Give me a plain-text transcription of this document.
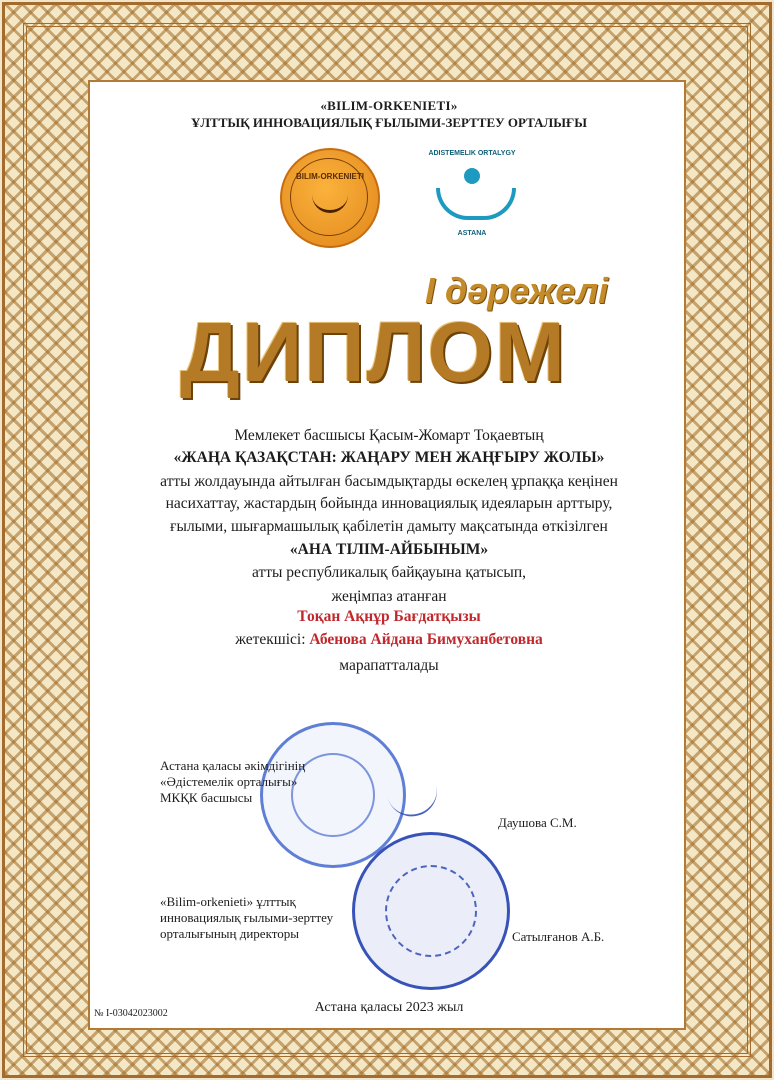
«BILIM-ORKENIETI»
ҰЛТТЫҚ ИННОВАЦИЯЛЫҚ ҒЫЛЫМИ-ЗЕРТТЕУ ОРТАЛЫҒЫ
BILIM-ORKENIETI
ADISTEMELIK ORTALYGY
ASTANA
I дәрежелі
ДИПЛОМ
Мемлекет басшысы Қасым-Жомарт Тоқаевтың
«ЖАҢА ҚАЗАҚСТАН: ЖАҢАРУ МЕН ЖАҢҒЫРУ ЖОЛЫ»
атты жолдауында айтылған басымдықтарды өскелең ұрпаққа кеңінен
насихаттау, жастардың бойында инновациялық идеяларын арттыру,
ғылыми, шығармашылық қабілетін дамыту мақсатында өткізілген
«АНА ТІЛІМ-АЙБЫНЫМ»
атты республикалық байқауына қатысып,
жеңімпаз атанған
Тоқан Ақнұр Бағдатқызы
жетекшісі: Абенова Айдана Бимуханбетовна
марапатталады
Астана қаласы әкімдігінің
«Әдістемелік орталығы»
МКҚК басшысы
Даушова С.М.
«Bilim-orkenieti» ұлттық
инновациялық ғылыми-зерттеу
орталығының директоры	Сатылғанов А.Б.
Астана қаласы 2023 жыл
№ I-03042023002
